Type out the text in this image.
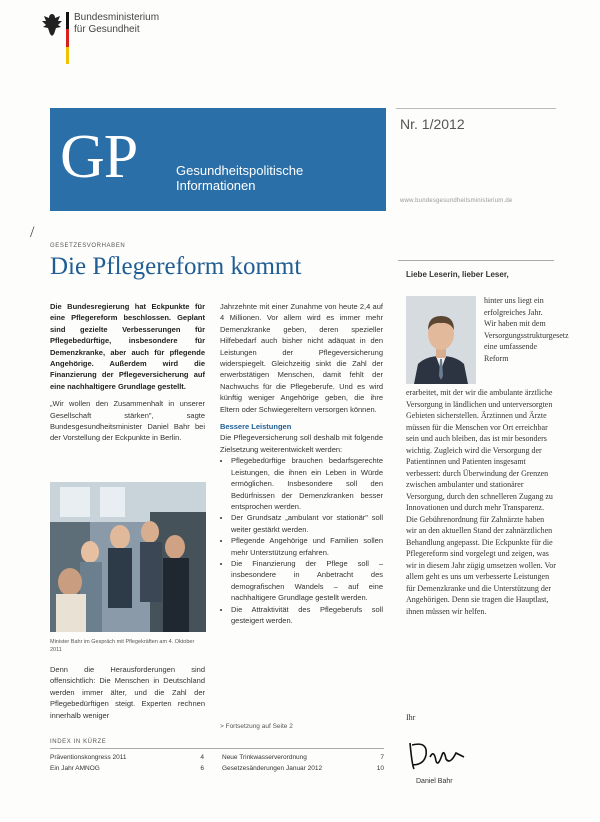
Bundesministerium
für Gesundheit
GP	Gesundheitspolitische
Informationen
Nr. 1/2012
www.bundesgesundheitsministerium.de
/
GESETZESVORHABEN
Die Pflegereform kommt

Die Bundesregierung hat Eckpunkte für eine Pflegereform beschlossen. Geplant sind gezielte Verbesserungen für Pflegebedürftige, insbesondere für Demenzkranke, aber auch für pflegende Angehörige. Außerdem wird die Finanzierung der Pflegeversicherung auf eine nachhaltigere Grundlage gestellt.

„Wir wollen den Zusammenhalt in unserer Gesellschaft stärken", sagte Bundesgesundheitsminister Daniel Bahr bei der Vorstellung der Eckpunkte in Berlin.

Minister Bahr im Gespräch mit Pflegekräften am 4. Oktober 2011

Denn die Herausforderungen sind offensichtlich: Die Menschen in Deutschland werden immer älter, und die Zahl der Pflegebedürftigen steigt. Experten rechnen innerhalb weniger

Jahrzehnte mit einer Zunahme von heute 2,4 auf 4 Millionen. Vor allem wird es immer mehr Demenzkranke geben, deren spezieller Hilfebedarf auch bisher nicht adäquat in den Leistungen der Pflegeversicherung widerspiegelt. Gleichzeitig sinkt die Zahl der erwerbstätigen Menschen, damit fehlt der Nachwuchs für die Pflegeberufe. Und es wird künftig weniger Angehörige geben, die ihre Eltern oder Schwiegereltern versorgen können.

Bessere Leistungen

Die Pflegeversicherung soll deshalb mit folgende Zielsetzung weiterentwickelt werden:

• Pflegebedürftige brauchen bedarfsgerechte Leistungen, die ihnen ein Leben in Würde ermöglichen. Insbesondere soll den Bedürfnissen der Demenzkranken besser entsprochen werden.
• Der Grundsatz „ambulant vor stationär" soll weiter gestärkt werden.
• Pflegende Angehörige und Familien sollen mehr Unterstützung erfahren.
• Die Finanzierung der Pflege soll – insbesondere in Anbetracht des demografischen Wandels – auf eine nachhaltigere Grundlage gestellt werden.
• Die Attraktivität des Pflegeberufs soll gesteigert werden.
> Fortsetzung auf Seite 2
INDEX IN KÜRZE
Präventionskongress 2011	4
Ein Jahr AMNOG	6
Neue Trinkwasserverordnung	7
Gesetzesänderungen Januar 2012	10
Liebe Leserin, lieber Leser,
hinter uns liegt ein erfolgreiches Jahr. Wir haben mit dem Versorgungsstrukturgesetz eine umfassende Reform
erarbeitet, mit der wir die ambulante ärztliche Versorgung in ländlichen und unterversorgten Gebieten sicherstellen. Ärztinnen und Ärzte müssen für die Menschen vor Ort erreichbar sein und auch bleiben, das ist mir besonders wichtig. Zugleich wird die Versorgung der Patientinnen und Patienten insgesamt verbessert: durch Überwindung der Grenzen zwischen ambulanter und stationärer Versorgung, durch den schnelleren Zugang zu Innovationen und durch mehr Transparenz. Die Gebührenordnung für Zahnärzte haben wir an den aktuellen Stand der zahnärztlichen Behandlung angepasst. Die Eckpunkte für die Pflegereform sind vorgelegt und zeigen, was wir in diesem Jahr zügig umsetzen wollen. Vor allem geht es uns um verbesserte Leistungen für Demenzkranke und die Unterstützung der Angehörigen. Denn sie tragen die Hauptlast, ihnen müssen wir helfen.
Ihr
Daniel Bahr
